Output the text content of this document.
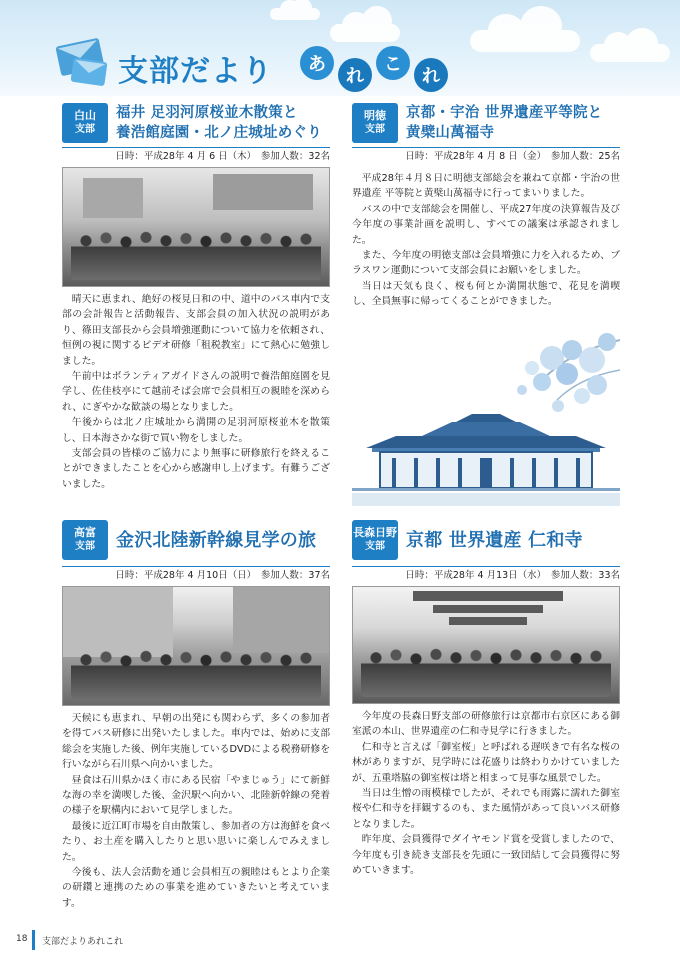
支部だより	あ
れ
こ
れ
白山
支部
福井 足羽河原桜並木散策と
養浩館庭園・北ノ庄城址めぐり
日時：平成28年 4 月 6 日（木）　参加人数：32名

晴天に恵まれ、絶好の桜見日和の中、道中のバス車内で支部の会計報告と活動報告、支部会員の加入状況の説明があり、篠田支部長から会員増強運動について協力を依頼され、恒例の視に関するビデオ研修「租税教室」にて熱心に勉強しました。

午前中はボランティアガイドさんの説明で養浩館庭園を見学し、佐佳枝亭にて越前そば会席で会員相互の親睦を深められ、にぎやかな歓談の場となりました。

午後からは北ノ庄城址から満開の足羽河原桜並木を散策し、日本海さかな街で買い物をしました。

支部会員の皆様のご協力により無事に研修旅行を終えることができましたことを心から感謝申し上げます。有難うございました。

明徳
支部
京都・宇治 世界遺産平等院と
黄檗山萬福寺
日時：平成28年 4 月 8 日（金）　参加人数：25名

平成28年４月８日に明徳支部総会を兼ねて京都・宇治の世界遺産 平等院と黄檗山萬福寺に行ってまいりました。

バスの中で支部総会を開催し、平成27年度の決算報告及び今年度の事業計画を説明し、すべての議案は承認されました。

また、今年度の明徳支部は会員増強に力を入れるため、ブラスワン運動について支部会員にお願いをしました。

当日は天気も良く、桜も何とか満開状態で、花見を満喫し、全員無事に帰ってくることができました。

高富
支部 金沢北陸新幹線見学の旅
日時：平成28年 4 月10日（日）　参加人数：37名

天候にも恵まれ、早朝の出発にも関わらず、多くの参加者を得てバス研修に出発いたしました。車内では、始めに支部総会を実施した後、例年実施しているDVDによる税務研修を行いながら石川県へ向かいました。

昼食は石川県かほく市にある民宿「やまじゅう」にて新鮮な海の幸を満喫した後、金沢駅へ向かい、北陸新幹線の発着の様子を駅構内において見学しました。

最後に近江町市場を自由散策し、参加者の方は海鮮を食べたり、お土産を購入したりと思い思いに楽しんでみえました。

今後も、法人会活動を通じ会員相互の親睦はもとより企業の研鑽と連携のための事業を進めていきたいと考えています。

長森日野
支部 京都 世界遺産 仁和寺
日時：平成28年 4 月13日（水）　参加人数：33名

今年度の長森日野支部の研修旅行は京都市右京区にある御室派の本山、世界遺産の仁和寺見学に行きました。

仁和寺と言えば「御室桜」と呼ばれる遅咲きで有名な桜の林がありますが、見学時には花盛りは終わりかけていましたが、五重塔脇の御室桜は塔と相まって見事な風景でした。

当日は生憎の雨模様でしたが、それでも雨露に濡れた御室桜や仁和寺を拝観するのも、また風情があって良いバス研修となりました。

昨年度、会員獲得でダイヤモンド賞を受賞しましたので、今年度も引き続き支部長を先頭に一致団結して会員獲得に努めていきます。

18 支部だよりあれこれ
